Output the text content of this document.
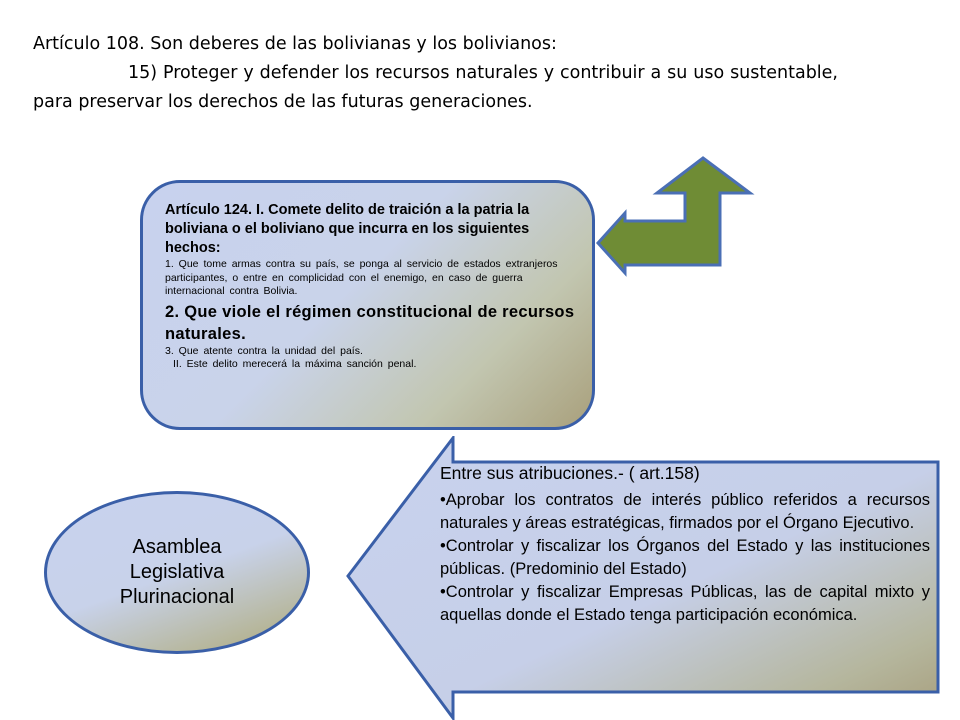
Artículo 108. Son deberes de las bolivianas y los bolivianos:

15) Proteger y defender los recursos naturales y contribuir a su uso sustentable, para preservar los derechos de las futuras generaciones.

Artículo 124. I. Comete delito de traición a la patria la boliviana o el boliviano que incurra en los siguientes hechos:
1. Que tome armas contra su país, se ponga al servicio de estados extranjeros
participantes, o entre en complicidad con el enemigo, en caso de guerra internacional contra Bolivia.
2. Que viole el régimen constitucional de recursos naturales.
3. Que atente contra la unidad del país.
II. Este delito merecerá la máxima sanción penal.
Asamblea
Legislativa
Plurinacional
Entre sus atribuciones.- ( art.158)
•Aprobar los contratos de interés público referidos a recursos naturales y áreas estratégicas, firmados por el Órgano Ejecutivo.
•Controlar y fiscalizar los Órganos del Estado y las instituciones públicas. (Predominio del Estado)
•Controlar y fiscalizar Empresas Públicas, las de capital mixto y aquellas donde el Estado tenga participación económica.
